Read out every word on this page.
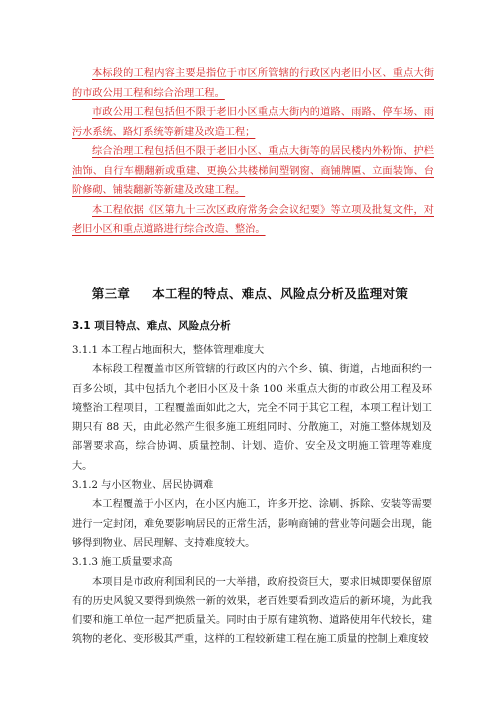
本标段的工程内容主要是指位于市区所管辖的行政区内老旧小区、重点大街的市政公用工程和综合治理工程。

市政公用工程包括但不限于老旧小区重点大街内的道路、雨路、停车场、雨污水系统、路灯系统等新建及改造工程；

综合治理工程包括但不限于老旧小区、重点大街等的居民楼内外粉饰、护栏油饰、自行车棚翻新或重建、更换公共楼梯间塑钢窗、商铺牌匾、立面装饰、台阶修砌、铺装翻新等新建及改建工程。

本工程依据《区第九十三次区政府常务会会议纪要》等立项及批复文件，对老旧小区和重点道路进行综合改造、整治。

第三章 本工程的特点、难点、风险点分析及监理对策
3.1 项目特点、难点、风险点分析

3.1.1 本工程占地面积大，整体管理难度大

本标段工程覆盖市区所管辖的行政区内的六个乡、镇、街道，占地面积约一百多公顷，其中包括九个老旧小区及十条 100 米重点大街的市政公用工程及环境整治工程项目，工程覆盖面如此之大，完全不同于其它工程，本项工程计划工期只有 88 天，由此必然产生很多施工班组同时、分散施工，对施工整体规划及部署要求高，综合协调、质量控制、计划、造价、安全及文明施工管理等难度大。

3.1.2 与小区物业、居民协调难

本工程覆盖于小区内，在小区内施工，许多开挖、涂刷、拆除、安装等需要进行一定封闭，难免要影响居民的正常生活，影响商铺的营业等问题会出现，能够得到物业、居民理解、支持难度较大。

3.1.3 施工质量要求高

本项目是市政府利国利民的一大举措，政府投资巨大，要求旧城即要保留原有的历史风貌又要得到焕然一新的效果，老百姓要看到改造后的新环境，为此我们要和施工单位一起严把质量关。同时由于原有建筑物、道路使用年代较长，建筑物的老化、变形极其严重，这样的工程较新建工程在施工质量的控制上难度较
